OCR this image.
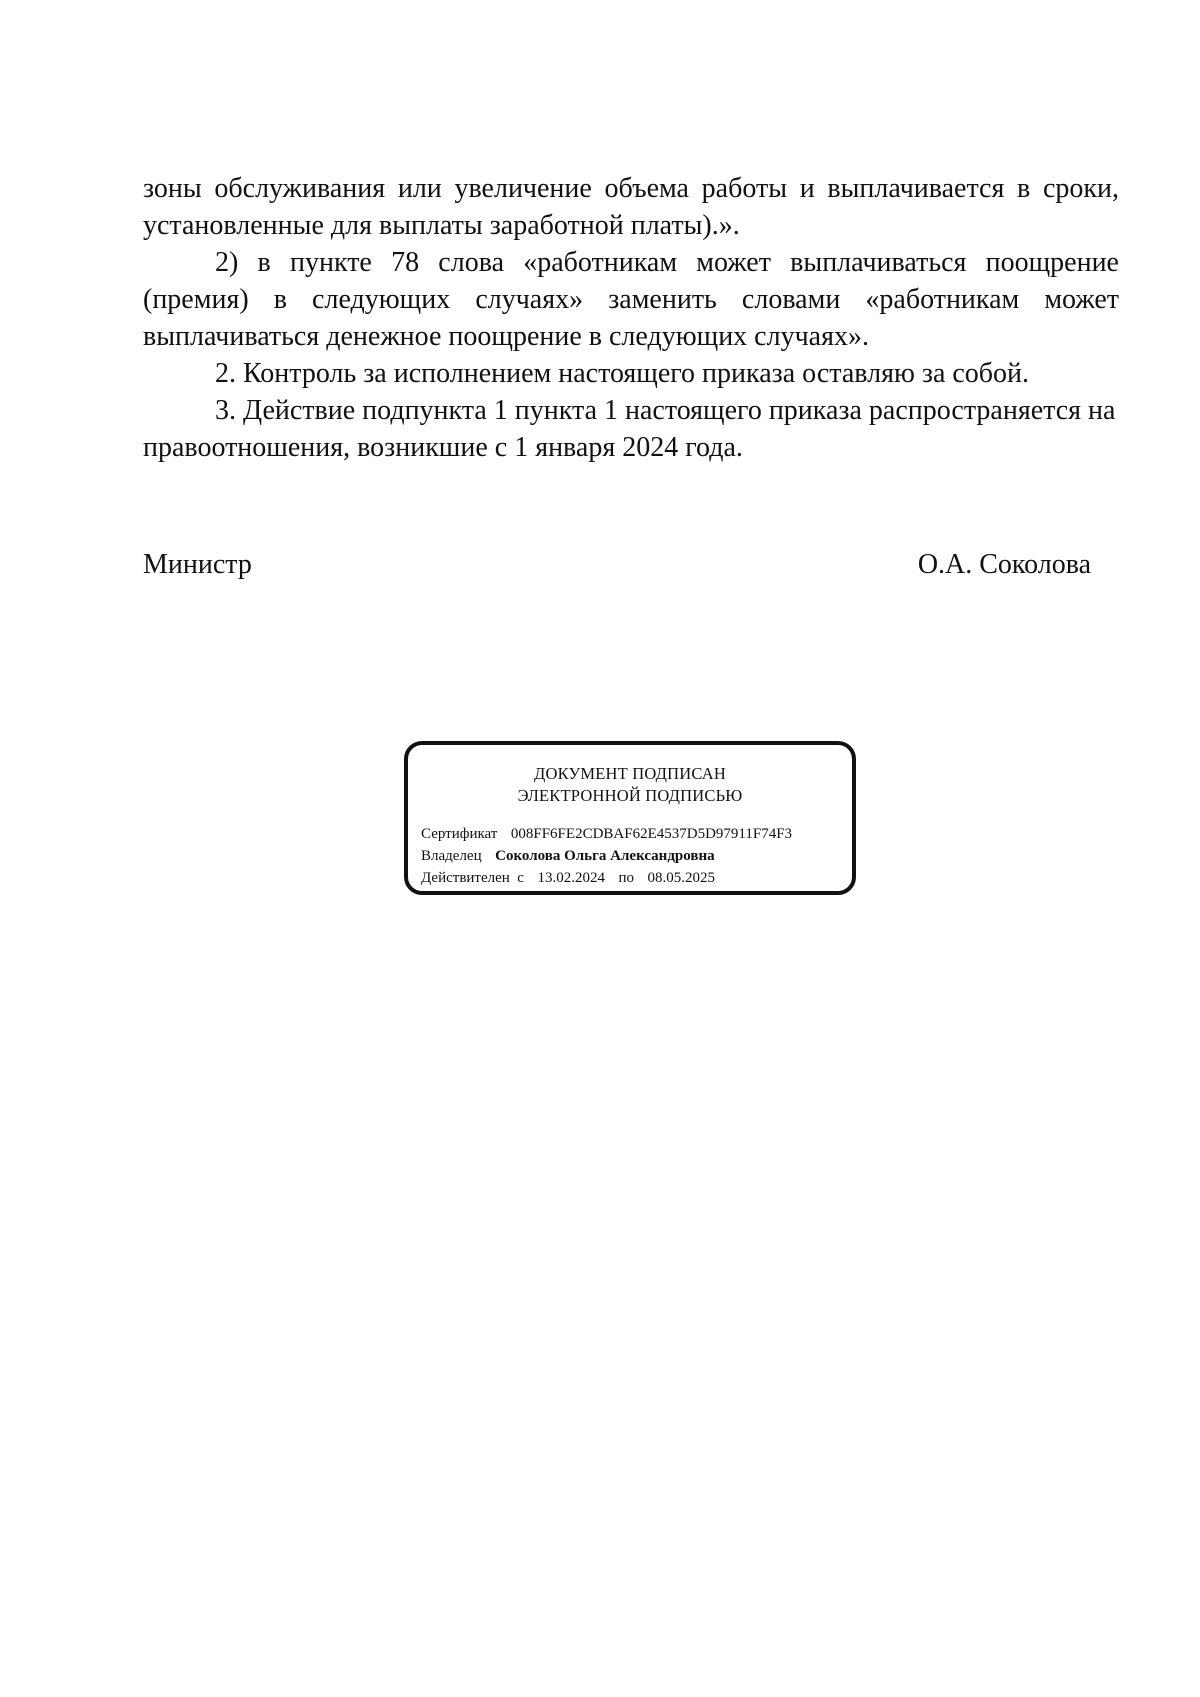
зоны обслуживания или увеличение объема работы и выплачивается в сроки, установленные для выплаты заработной платы).».

2) в пункте 78 слова «работникам может выплачиваться поощрение (премия) в следующих случаях» заменить словами «работникам может выплачиваться денежное поощрение в следующих случаях».

2. Контроль за исполнением настоящего приказа оставляю за собой.

3. Действие подпункта 1 пункта 1 настоящего приказа распространяется на правоотношения, возникшие с 1 января 2024 года.

Министр	О.А. Соколова
ДОКУМЕНТ ПОДПИСАН
ЭЛЕКТРОННОЙ ПОДПИСЬЮ
Сертификат 008FF6FE2CDBAF62E4537D5D97911F74F3
Владелец Соколова Ольга Александровна
Действителен  с 13.02.2024 по 08.05.2025
